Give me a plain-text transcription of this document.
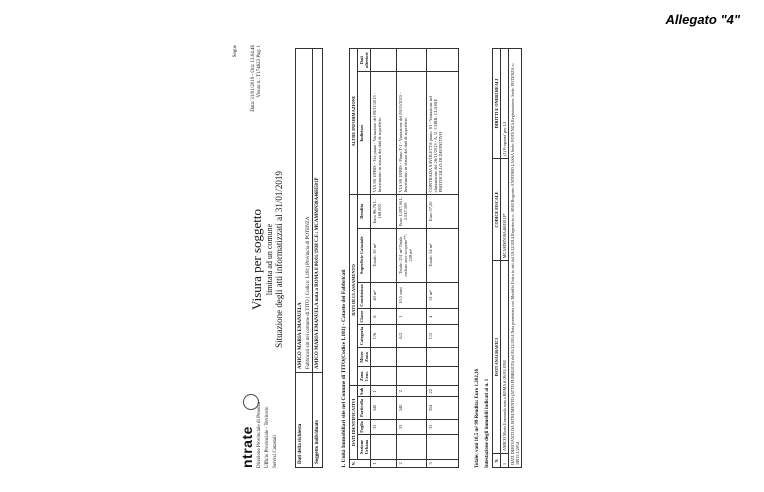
Allegato "4"
ntrate Direzione Provinciale di Potenza Ufficio Provinciale - Territorio Servizi Catastali
Segue	Data: 31/01/2019 - Ora: 13.04.46 Visura n.: T174623 Pag: 1
Visura per soggetto limitata ad un comune Situazione degli atti informatizzati al 31/01/2019
Dati della richiesta
AMICO MARIA EMANUELA Fabbricati siti nel comune di TITO ( Codice: L181) Provincia di POTENZA
Soggetto individuato
AMICO MARIA EMANUELA nata a ROMA il 06/01/1938 C.F.: MCAMMN38A46H501P	1. Unità Immobiliari site nel Comune di TITO(Codice L181) - Catasto dei Fabbricati N.	DATI IDENTIFICATIVI				DATI DI CLASSAMENTO							ALTRE INFORMAZIONI	
	Sezione Urbana	Foglio	Particella	Sub	Zona Cens.	Micro Zona	Categoria	Classe	Consistenza	Superficie Catastale	Rendita	Indirizzo	Dati ulteriori
1		33	340	1			C/6	6	40 m²	Totale: 50 m²	Euro 86,76 L. 168.000	VIA SS 18/BIS - Via piana - Variazione del 09/11/2015 - Inserimento in visura dei dati di superficie.	
2		33	340	2			A/2	1	10,5 vani	Totale: 251 m² Totale escluse aree scoperte**: 228 m²	Euro 1.097,36 L. 2.047.500	VIA SS 18/BIS - Piano T-1 - Variazione del 09/11/2015 - Inserimento in visura dei dati di superficie.	
3		33	354	22			C/2	4	51 m²	Totale: 54 m²	Euro 57,20	CONTRADA SAVOLETTA piano: S1 - Variazione nel classamento del 26/11/2013 - A. U. CORR. CLASSE PROTOCOLLO DI DEFINITIVO	
Totale: vani 10,5 m² 99 Rendita: Euro 1.202,16 Intestazione degli immobili indicati al n. 1 N.	DATI ANAGRAFICI	CODICE FISCALE	DIRITTI E ONERI REALI
1	AMICO Maria Emanuela nata a ROMA il 06/01/1938	MCAMMN38A46H501P*	(1) Proprieta' per 1/1
DATI DERIVANTI DA ISTRUMENTO (ATTO PUBBLICO) del 05/12/2014 Nota presentata con Modello Unico in atti dal 10/12/2014 Repertorio n.: 8040 Rogante: ANTONIO LASSA Sede: POTENZA Registrazione: Sede: POTENZA n: 18915.1/2014			
